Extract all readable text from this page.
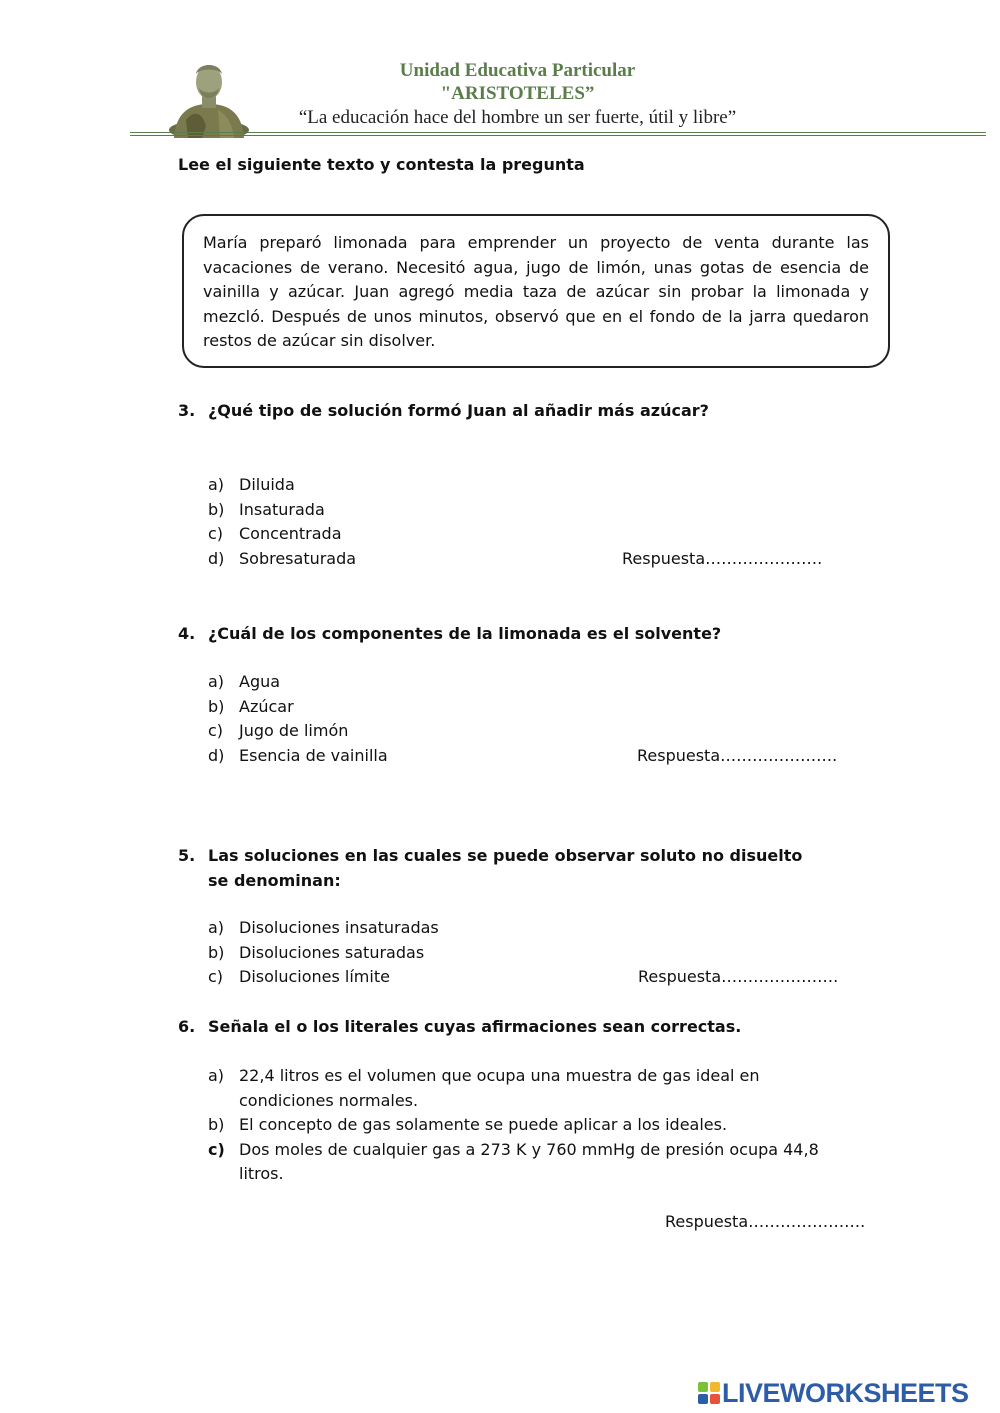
Unidad Educativa Particular
"ARISTOTELES”
“La educación hace del hombre un ser fuerte, útil y libre”
Lee el siguiente texto y contesta la pregunta
María preparó limonada para emprender un proyecto de venta durante las vacaciones de verano. Necesitó agua, jugo de limón, unas gotas de esencia de vainilla y azúcar. Juan agregó media taza de azúcar sin probar la limonada y mezcló. Después de unos minutos, observó que en el fondo de la jarra quedaron restos de azúcar sin disolver.
3. ¿Qué tipo de solución formó Juan al añadir más azúcar?
a) Diluida
b) Insaturada
c) Concentrada
d) Sobresaturada	Respuesta………………….
4. ¿Cuál de los componentes de la limonada es el solvente?
a) Agua
b) Azúcar
c) Jugo de limón
d) Esencia de vainilla	Respuesta………………….
5. Las soluciones en las cuales se puede observar soluto no disuelto se denominan:
a) Disoluciones insaturadas
b) Disoluciones saturadas
c) Disoluciones límite	Respuesta………………….
6. Señala el o los literales cuyas afirmaciones sean correctas.
a) 22,4 litros es el volumen que ocupa una muestra de gas ideal en condiciones normales.
b) El concepto de gas solamente se puede aplicar a los ideales.
c) Dos moles de cualquier gas a 273 K y 760 mmHg de presión ocupa 44,8 litros.
Respuesta………………….
LIVEWORKSHEETS
